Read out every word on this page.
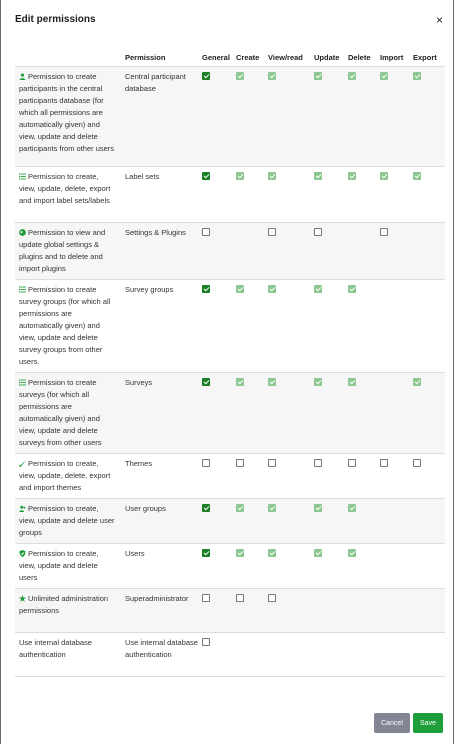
Edit permissions	×
	Permission	General	Create	View/read	Update	Delete	Import	Export
Permission to create participants in the central participants database (for which all permissions are automatically given) and view, update and delete participants from other users	Central participant database							
Permission to create, view, update, delete, export and import label sets/labels	Label sets							
Permission to view and update global settings & plugins and to delete and import plugins	Settings & Plugins							
Permission to create survey groups (for which all permissions are automatically given) and view, update and delete survey groups from other users.	Survey groups							
Permission to create surveys (for which all permissions are automatically given) and view, update and delete surveys from other users	Surveys							
Permission to create, view, update, delete, export and import themes	Themes							
Permission to create, view, update and delete user groups	User groups							
Permission to create, view, update and delete users	Users							
Unlimited administration permissions	Superadministrator							
Use internal database authentication	Use internal database authentication							
Cancel	Save
